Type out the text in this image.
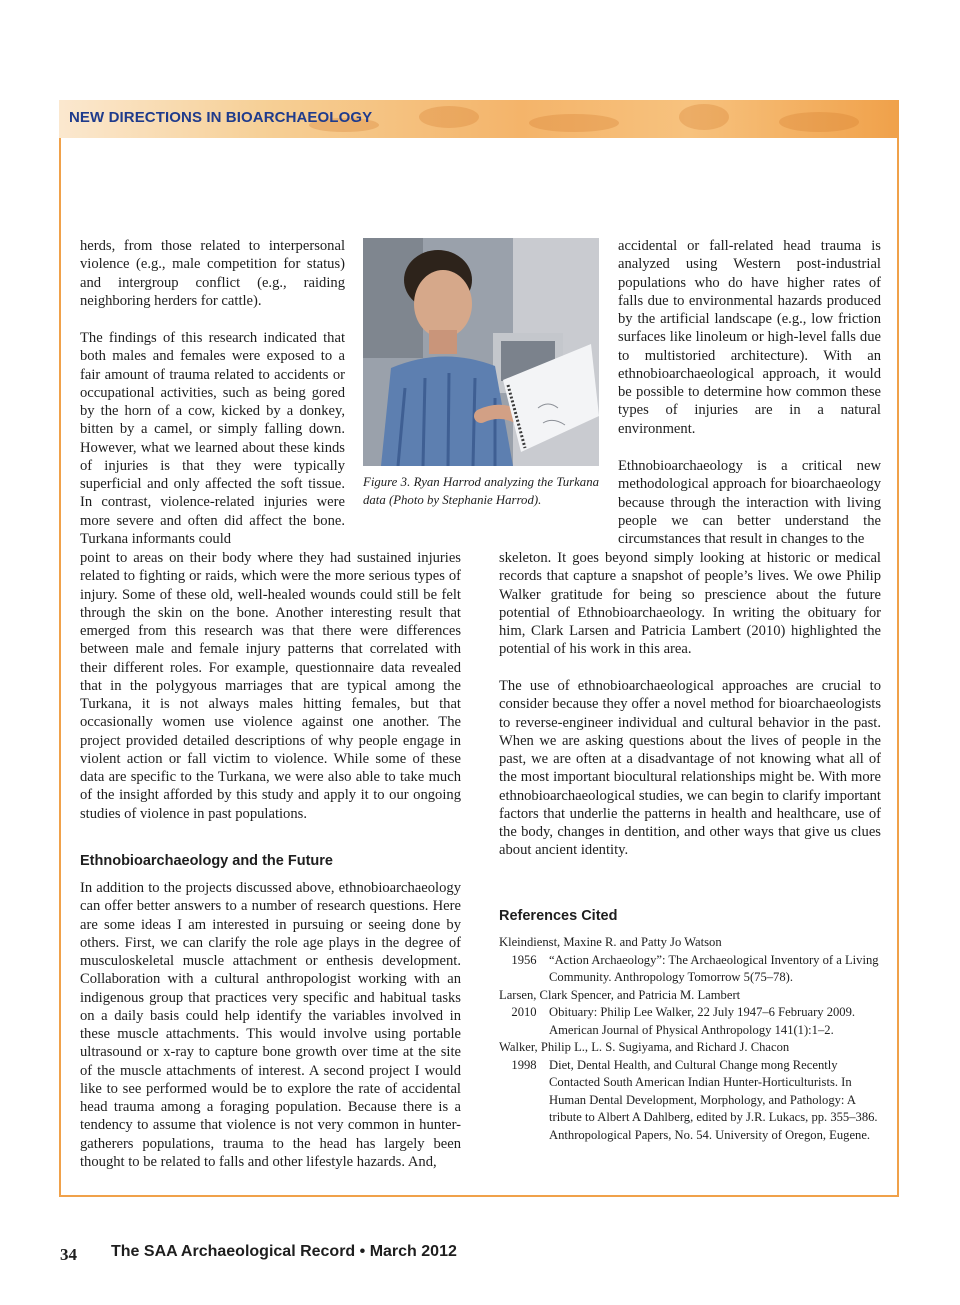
NEW DIRECTIONS IN BIOARCHAEOLOGY

herds, from those related to interpersonal violence (e.g., male competition for status) and intergroup conflict (e.g., raiding neighboring herders for cattle).

The findings of this research indicated that both males and females were exposed to a fair amount of trauma related to accidents or occupational activities, such as being gored by the horn of a cow, kicked by a donkey, bitten by a camel, or simply falling down. However, what we learned about these kinds of injuries is that they were typically superficial and only affected the soft tissue. In contrast, violence-related injuries were more severe and often did affect the bone. Turkana informants could

point to areas on their body where they had sustained injuries related to fighting or raids, which were the more serious types of injury. Some of these old, well-healed wounds could still be felt through the skin on the bone. Another interesting result that emerged from this research was that there were differences between male and female injury patterns that correlated with their different roles. For example, questionnaire data revealed that in the polygyous marriages that are typical among the Turkana, it is not always males hitting females, but that occasionally women use violence against one another. The project provided detailed descriptions of why people engage in violent action or fall victim to violence. While some of these data are specific to the Turkana, we were also able to take much of the insight afforded by this study and apply it to our ongoing studies of violence in past populations.

Ethnobioarchaeology and the Future

In addition to the projects discussed above, ethnobioarchaeology can offer better answers to a number of research questions. Here are some ideas I am interested in pursuing or seeing done by others. First, we can clarify the role age plays in the degree of musculoskeletal muscle attachment or enthesis development. Collaboration with a cultural anthropologist working with an indigenous group that practices very specific and habitual tasks on a daily basis could help identify the variables involved in these muscle attachments. This would involve using portable ultrasound or x-ray to capture bone growth over time at the site of the muscle attachments of interest. A second project I would like to see performed would be to explore the rate of accidental head trauma among a foraging population. Because there is a tendency to assume that violence is not very common in hunter-gatherers populations, trauma to the head has largely been thought to be related to falls and other lifestyle hazards. And,

Figure 3. Ryan Harrod analyzing the Turkana data (Photo by Stephanie Harrod).

accidental or fall-related head trauma is analyzed using Western post-industrial populations who do have higher rates of falls due to environmental hazards produced by the artificial landscape (e.g., low friction surfaces like linoleum or high-level falls due to multistoried architecture). With an ethnobioarchaeological approach, it would be possible to determine how common these types of injuries are in a natural environment.

Ethnobioarchaeology is a critical new methodological approach for bioarchaeology because through the interaction with living people we can better understand the circumstances that result in changes to the

skeleton. It goes beyond simply looking at historic or medical records that capture a snapshot of people’s lives. We owe Philip Walker gratitude for being so prescience about the future potential of Ethnobioarchaeology. In writing the obituary for him, Clark Larsen and Patricia Lambert (2010) highlighted the potential of his work in this area.

The use of ethnobioarchaeological approaches are crucial to consider because they offer a novel method for bioarchaeologists to reverse-engineer individual and cultural behavior in the past. When we are asking questions about the lives of people in the past, we are often at a disadvantage of not knowing what all of the most important biocultural relationships might be. With more ethnobioarchaeological studies, we can begin to clarify important factors that underlie the patterns in health and healthcare, use of the body, changes in dentition, and other ways that give us clues about ancient identity.

References Cited

Kleindienst, Maxine R. and Patty Jo Watson

1956 “Action Archaeology”: The Archaeological Inventory of a Living Community. Anthropology Tomorrow 5(75–78).

Larsen, Clark Spencer, and Patricia M. Lambert

2010 Obituary: Philip Lee Walker, 22 July 1947–6 February 2009. American Journal of Physical Anthropology 141(1):1–2.

Walker, Philip L., L. S. Sugiyama, and Richard J. Chacon

1998 Diet, Dental Health, and Cultural Change mong Recently Contacted South American Indian Hunter-Horticulturists. In Human Dental Development, Morphology, and Pathology: A tribute to Albert A Dahlberg, edited by J.R. Lukacs, pp. 355–386. Anthropological Papers, No. 54. University of Oregon, Eugene.
34 The SAA Archaeological Record • March 2012
